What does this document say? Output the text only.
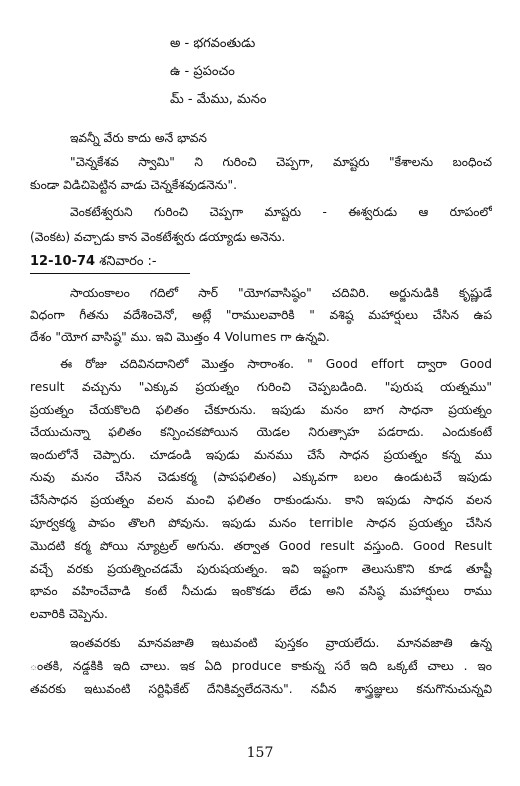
అ - భగవంతుడు
ఉ - ప్రపంచం
మ్ - మేము, మనం
ఇవన్నీ వేరు కాదు అనే భావన
"చెన్నకేశవ స్వామి" ని గురించి చెప్పగా, మాష్టరు "కేశాలను బంధించ
కుండా విడిచిపెట్టిన వాడు చెన్నకేశవుడనెను".
వెంకటేశ్వరుని గురించి చెప్పగా మాష్టరు - ఈశ్వరుడు ఆ రూపంలో
(వెంకట) వచ్చాడు కాన వెంకటేశ్వరు డయ్యాడు అనెను.
12-10-74 శనివారం :-
సాయంకాలం గదిలో సార్ "యోగవాసిష్ఠం" చదివిరి. అర్జునుడికి కృష్ణుడే
విధంగా గీతను వదేశించెనో, అట్లే "రాములవారికి " వశిష్ఠ మహార్షులు చేసిన ఉప
దేశం "యోగ వాసిష్ఠ" ము. ఇవి మొత్తం 4 Volumes గా ఉన్నవి.
ఈ రోజు చదివినదానిలో మొత్తం సారాంశం. " Good effort ద్వారా Good
result వచ్చును "ఎక్కువ ప్రయత్నం గురించి చెప్పబడింది. "పురుష యత్నము"
ప్రయత్నం చేయకొలది ఫలితం చేకూరును. ఇపుడు మనం బాగ సాధనా ప్రయత్నం
చేయుచున్నా ఫలితం కన్పించకపోయిన యెడల నిరుత్సాహ పడరాదు. ఎందుకంటే
ఇందులోనే చెప్పారు. చూడండి ఇపుడు మనము చేసే సాధన ప్రయత్నం కన్న ము
నువు మనం చేసిన చెడుకర్మ (పాపఫలితం) ఎక్కువగా బలం ఉండుటచే ఇపుడు
చేసేసాధన ప్రయత్నం వలన మంచి ఫలితం రాకుండును. కాని ఇపుడు సాధన వలన
పూర్వకర్మ పాపం తొలగి పోవును. ఇపుడు మనం terrible సాధన ప్రయత్నం చేసిన
మొదటి కర్మ పోయి న్యూట్రల్ అగును. తర్వాత Good result వస్తుంది. Good Result
వచ్చే వరకు ప్రయత్నించడమే పురుషయత్నం. ఇవి ఇష్టంగా తెలుసుకొని కూడ తూష్టీ
భావం వహించేవాడి కంటే నీచుడు ఇంకొకడు లేడు అని వసిష్ఠ మహార్షులు రాము
లవారికి చెప్పెను.
ఇంతవరకు మానవజాతి ఇటువంటి పుస్తకం వ్రాయలేదు. మానవజాతి ఉన్న
ంతకి, నడ్డకికి ఇది చాలు. ఇక ఏది produce కాకున్న సరే ఇది ఒక్కటే చాలు . ఇం
తవరకు ఇటువంటి సర్టిఫికేట్ దేనికివ్వలేదనెను". నవీన శాస్త్రజ్ఞులు కనుగొనుచున్నవి
157
